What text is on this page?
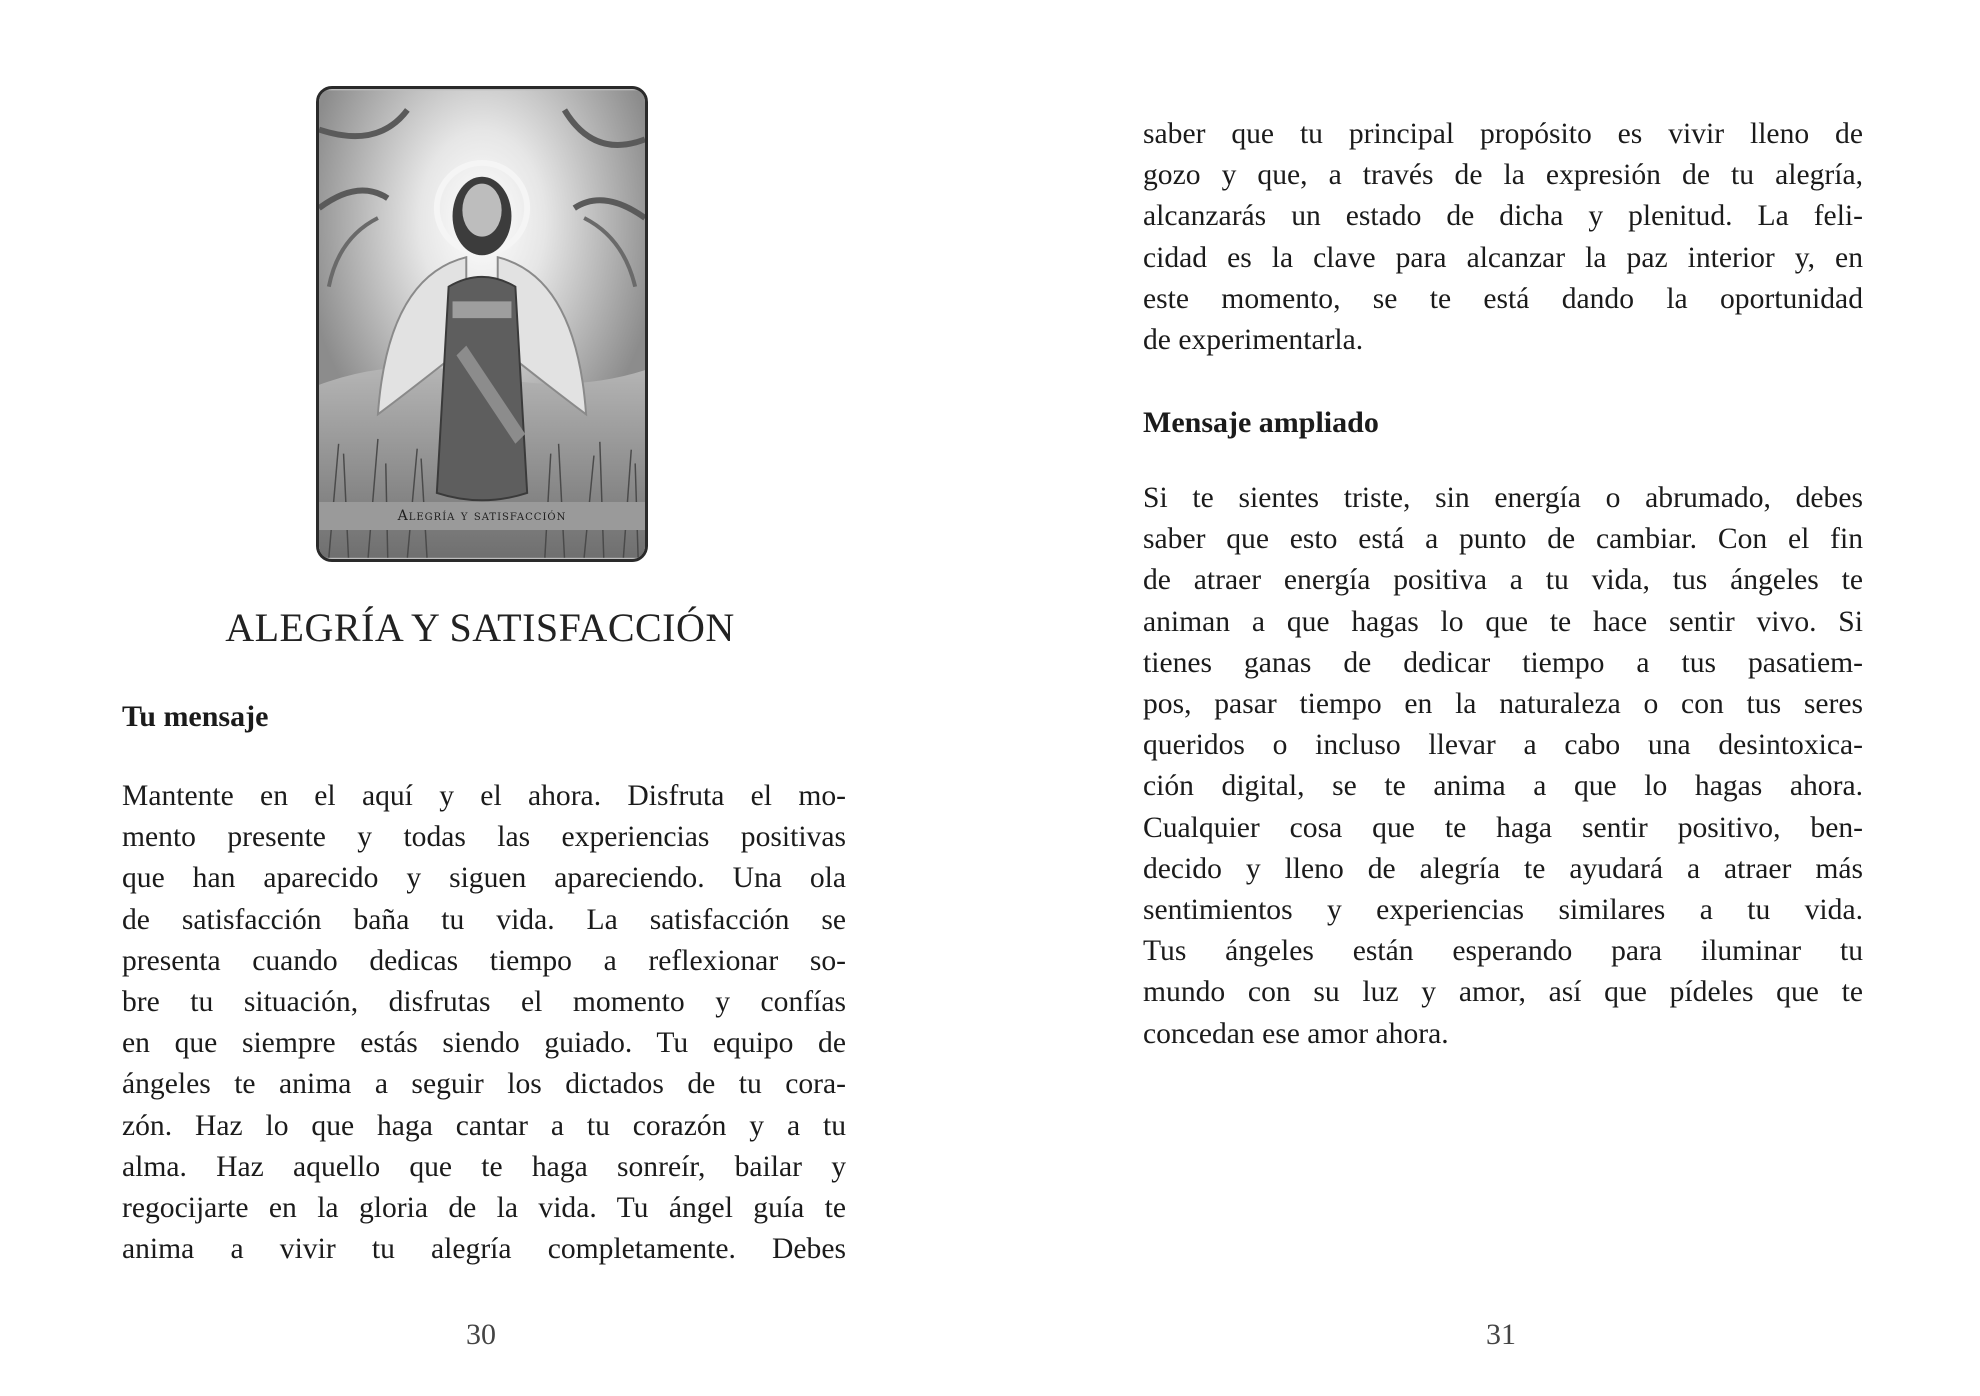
Alegría y satisfacción
ALEGRÍA Y SATISFACCIÓN
Tu mensaje
Mantente en el aquí y el ahora. Disfruta el mo-
mento presente y todas las experiencias positivas
que han aparecido y siguen apareciendo. Una ola
de satisfacción baña tu vida. La satisfacción se
presenta cuando dedicas tiempo a reflexionar so-
bre tu situación, disfrutas el momento y confías
en que siempre estás siendo guiado. Tu equipo de
ángeles te anima a seguir los dictados de tu cora-
zón. Haz lo que haga cantar a tu corazón y a tu
alma. Haz aquello que te haga sonreír, bailar y
regocijarte en la gloria de la vida. Tu ángel guía te
anima a vivir tu alegría completamente. Debes
30
saber que tu principal propósito es vivir lleno de
gozo y que, a través de la expresión de tu alegría,
alcanzarás un estado de dicha y plenitud. La feli-
cidad es la clave para alcanzar la paz interior y, en
este momento, se te está dando la oportunidad
de experimentarla.
Mensaje ampliado
Si te sientes triste, sin energía o abrumado, debes
saber que esto está a punto de cambiar. Con el fin
de atraer energía positiva a tu vida, tus ángeles te
animan a que hagas lo que te hace sentir vivo. Si
tienes ganas de dedicar tiempo a tus pasatiem-
pos, pasar tiempo en la naturaleza o con tus seres
queridos o incluso llevar a cabo una desintoxica-
ción digital, se te anima a que lo hagas ahora.
Cualquier cosa que te haga sentir positivo, ben-
decido y lleno de alegría te ayudará a atraer más
sentimientos y experiencias similares a tu vida.
Tus ángeles están esperando para iluminar tu
mundo con su luz y amor, así que pídeles que te
concedan ese amor ahora.
31
